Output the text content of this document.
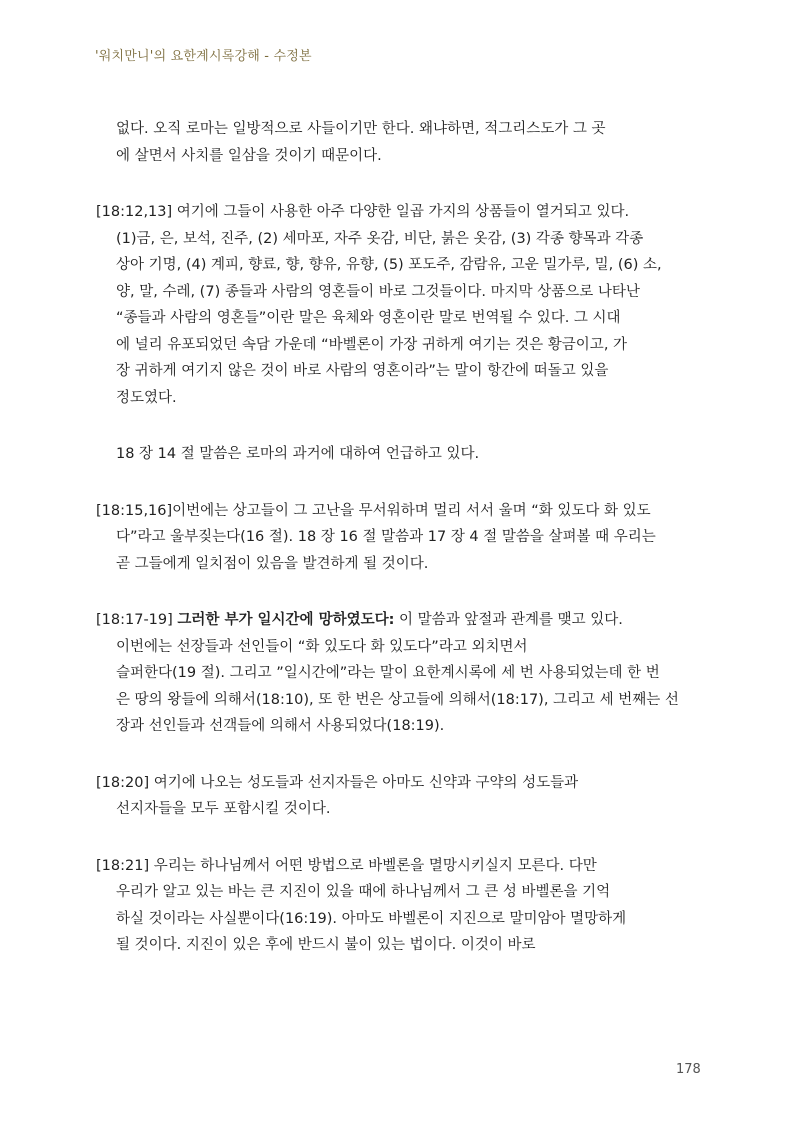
'워치만니'의 요한계시록강해 - 수정본

없다. 오직 로마는 일방적으로 사들이기만 한다. 왜냐하면, 적그리스도가 그 곳
에 살면서 사치를 일삼을 것이기 때문이다.

[18:12,13] 여기에 그들이 사용한 아주 다양한 일곱 가지의 상품들이 열거되고 있다.
(1)금, 은, 보석, 진주, (2) 세마포, 자주 옷감, 비단, 붉은 옷감, (3) 각종 향목과 각종
상아 기명, (4) 계피, 향료, 향, 향유, 유향, (5) 포도주, 감람유, 고운 밀가루, 밀, (6) 소,
양, 말, 수레, (7) 종들과 사람의 영혼들이 바로 그것들이다. 마지막 상품으로 나타난
“종들과 사람의 영혼들”이란 말은 육체와 영혼이란 말로 번역될 수 있다. 그 시대
에 널리 유포되었던 속담 가운데 “바벨론이 가장 귀하게 여기는 것은 황금이고, 가
장 귀하게 여기지 않은 것이 바로 사람의 영혼이라”는 말이 항간에 떠돌고 있을
정도였다.

18 장 14 절 말씀은 로마의 과거에 대하여 언급하고 있다.

[18:15,16]이번에는 상고들이 그 고난을 무서워하며 멀리 서서 울며 “화 있도다 화 있도
다”라고 울부짖는다(16 절). 18 장 16 절 말씀과 17 장 4 절 말씀을 살펴볼 때 우리는
곧 그들에게 일치점이 있음을 발견하게 될 것이다.

[18:17-19] 그러한 부가 일시간에 망하였도다: 이 말씀과 앞절과 관계를 맺고 있다.
이번에는 선장들과 선인들이 “화 있도다 화 있도다”라고 외치면서
슬퍼한다(19 절). 그리고 ”일시간에”라는 말이 요한계시록에 세 번 사용되었는데 한 번
은 땅의 왕들에 의해서(18:10), 또 한 번은 상고들에 의해서(18:17), 그리고 세 번째는 선
장과 선인들과 선객들에 의해서 사용되었다(18:19).

[18:20] 여기에 나오는 성도들과 선지자들은 아마도 신약과 구약의 성도들과
선지자들을 모두 포함시킬 것이다.

[18:21] 우리는 하나님께서 어떤 방법으로 바벨론을 멸망시키실지 모른다. 다만
우리가 알고 있는 바는 큰 지진이 있을 때에 하나님께서 그 큰 성 바벨론을 기억
하실 것이라는 사실뿐이다(16:19). 아마도 바벨론이 지진으로 말미암아 멸망하게
될 것이다. 지진이 있은 후에 반드시 불이 있는 법이다. 이것이 바로

178
